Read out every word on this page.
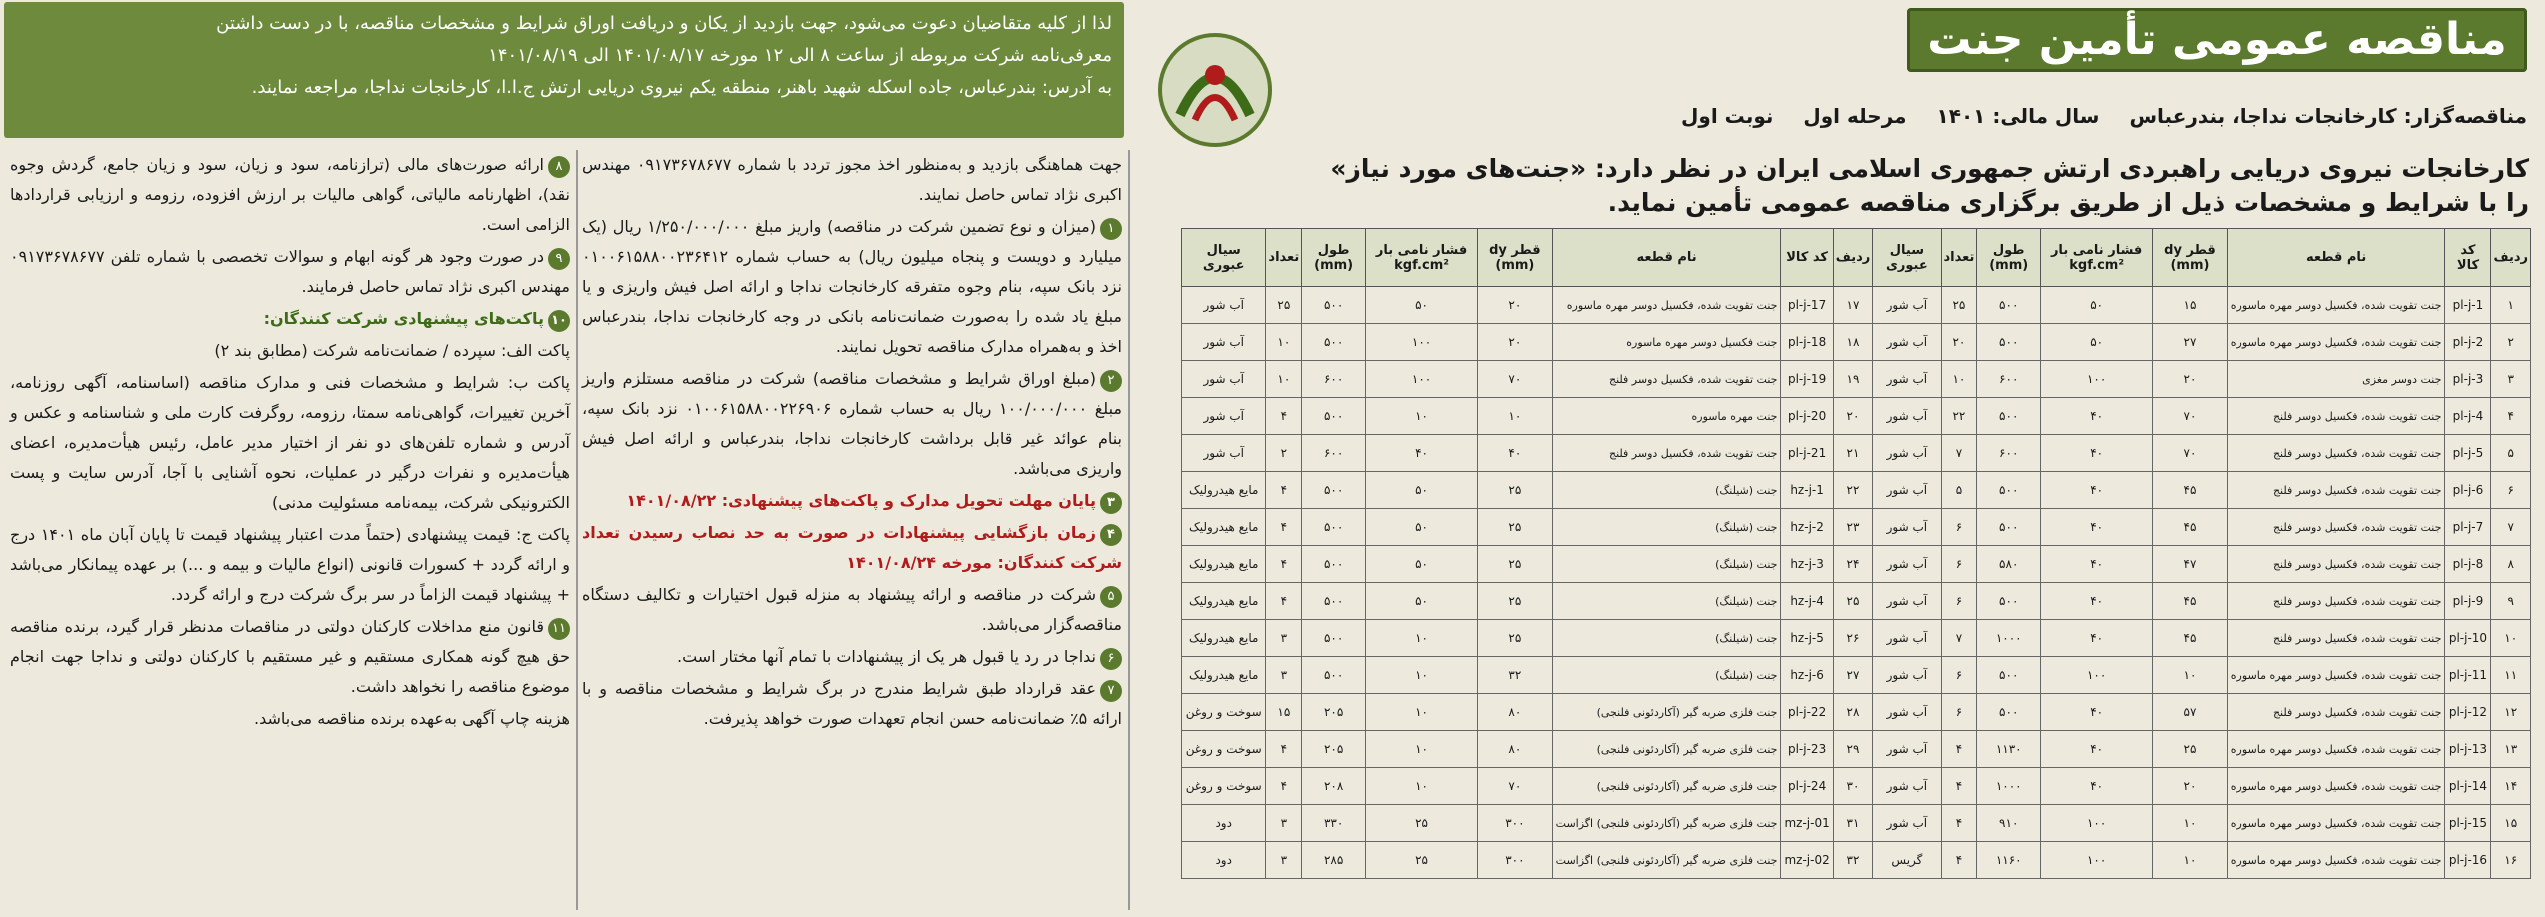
مناقصه عمومی تأمین جنت
مناقصه‌گزار: کارخانجات نداجا، بندرعباس
سال مالی: ۱۴۰۱
مرحله اول
نوبت اول
لذا از کلیه متقاضیان دعوت می‌شود، جهت بازدید از یکان و دریافت اوراق شرایط و مشخصات مناقصه، با در دست داشتن
معرفی‌نامه شرکت مربوطه از ساعت ۸ الی ۱۲ مورخه ۱۴۰۱/۰۸/۱۷ الی ۱۴۰۱/۰۸/۱۹
به آدرس: بندرعباس، جاده اسکله شهید باهنر، منطقه یکم نیروی دریایی ارتش ج.ا.ا، کارخانجات نداجا، مراجعه نمایند.
کارخانجات نیروی دریایی راهبردی ارتش جمهوری اسلامی ایران در نظر دارد: «جنت‌های مورد نیاز»
را با شرایط و مشخصات ذیل از طریق برگزاری مناقصه عمومی تأمین نماید.
ردیف	کد کالا	نام قطعه	قطر dy (mm)	فشار نامی بار kgf.cm²	طول (mm)	تعداد	سیال عبوری	ردیف	کد کالا	نام قطعه	قطر dy (mm)	فشار نامی بار kgf.cm²	طول (mm)	تعداد	سیال عبوری
۱	pl-j-1	جنت تقویت شده، فکسیل دوسر مهره ماسوره	۱۵	۵۰	۵۰۰	۲۵	آب شور	۱۷	pl-j-17	جنت تقویت شده، فکسیل دوسر مهره ماسوره	۲۰	۵۰	۵۰۰	۲۵	آب شور
۲	pl-j-2	جنت تقویت شده، فکسیل دوسر مهره ماسوره	۲۷	۵۰	۵۰۰	۲۰	آب شور	۱۸	pl-j-18	جنت فکسیل دوسر مهره ماسوره	۲۰	۱۰۰	۵۰۰	۱۰	آب شور
۳	pl-j-3	جنت دوسر مغزی	۲۰	۱۰۰	۶۰۰	۱۰	آب شور	۱۹	pl-j-19	جنت تقویت شده، فکسیل دوسر فلنج	۷۰	۱۰۰	۶۰۰	۱۰	آب شور
۴	pl-j-4	جنت تقویت شده، فکسیل دوسر فلنج	۷۰	۴۰	۵۰۰	۲۲	آب شور	۲۰	pl-j-20	جنت مهره ماسوره	۱۰	۱۰	۵۰۰	۴	آب شور
۵	pl-j-5	جنت تقویت شده، فکسیل دوسر فلنج	۷۰	۴۰	۶۰۰	۷	آب شور	۲۱	pl-j-21	جنت تقویت شده، فکسیل دوسر فلنج	۴۰	۴۰	۶۰۰	۲	آب شور
۶	pl-j-6	جنت تقویت شده، فکسیل دوسر فلنج	۴۵	۴۰	۵۰۰	۵	آب شور	۲۲	hz-j-1	جنت (شیلنگ)	۲۵	۵۰	۵۰۰	۴	مایع هیدرولیک
۷	pl-j-7	جنت تقویت شده، فکسیل دوسر فلنج	۴۵	۴۰	۵۰۰	۶	آب شور	۲۳	hz-j-2	جنت (شیلنگ)	۲۵	۵۰	۵۰۰	۴	مایع هیدرولیک
۸	pl-j-8	جنت تقویت شده، فکسیل دوسر فلنج	۴۷	۴۰	۵۸۰	۶	آب شور	۲۴	hz-j-3	جنت (شیلنگ)	۲۵	۵۰	۵۰۰	۴	مایع هیدرولیک
۹	pl-j-9	جنت تقویت شده، فکسیل دوسر فلنج	۴۵	۴۰	۵۰۰	۶	آب شور	۲۵	hz-j-4	جنت (شیلنگ)	۲۵	۵۰	۵۰۰	۴	مایع هیدرولیک
۱۰	pl-j-10	جنت تقویت شده، فکسیل دوسر فلنج	۴۵	۴۰	۱۰۰۰	۷	آب شور	۲۶	hz-j-5	جنت (شیلنگ)	۲۵	۱۰	۵۰۰	۳	مایع هیدرولیک
۱۱	pl-j-11	جنت تقویت شده، فکسیل دوسر مهره ماسوره	۱۰	۱۰۰	۵۰۰	۶	آب شور	۲۷	hz-j-6	جنت (شیلنگ)	۳۲	۱۰	۵۰۰	۳	مایع هیدرولیک
۱۲	pl-j-12	جنت تقویت شده، فکسیل دوسر فلنج	۵۷	۴۰	۵۰۰	۶	آب شور	۲۸	pl-j-22	جنت فلزی ضربه گیر (آکاردئونی فلنجی)	۸۰	۱۰	۲۰۵	۱۵	سوخت و روغن
۱۳	pl-j-13	جنت تقویت شده، فکسیل دوسر مهره ماسوره	۲۵	۴۰	۱۱۳۰	۴	آب شور	۲۹	pl-j-23	جنت فلزی ضربه گیر (آکاردئونی فلنجی)	۸۰	۱۰	۲۰۵	۴	سوخت و روغن
۱۴	pl-j-14	جنت تقویت شده، فکسیل دوسر مهره ماسوره	۲۰	۴۰	۱۰۰۰	۴	آب شور	۳۰	pl-j-24	جنت فلزی ضربه گیر (آکاردئونی فلنجی)	۷۰	۱۰	۲۰۸	۴	سوخت و روغن
۱۵	pl-j-15	جنت تقویت شده، فکسیل دوسر مهره ماسوره	۱۰	۱۰۰	۹۱۰	۴	آب شور	۳۱	mz-j-01	جنت فلزی ضربه گیر (آکاردئونی فلنجی) اگزاست	۳۰۰	۲۵	۳۳۰	۳	دود
۱۶	pl-j-16	جنت تقویت شده، فکسیل دوسر مهره ماسوره	۱۰	۱۰۰	۱۱۶۰	۴	گریس	۳۲	mz-j-02	جنت فلزی ضربه گیر (آکاردئونی فلنجی) اگزاست	۳۰۰	۲۵	۲۸۵	۳	دود

جهت هماهنگی بازدید و به‌منظور اخذ مجوز تردد با شماره ۰۹۱۷۳۶۷۸۶۷۷ مهندس اکبری نژاد تماس حاصل نمایند.

۱(میزان و نوع تضمین شرکت در مناقصه) واریز مبلغ ۱/۲۵۰/۰۰۰/۰۰۰ ریال (یک میلیارد و دویست و پنجاه میلیون ریال) به حساب شماره ۰۱۰۰۶۱۵۸۸۰۰۲۳۶۴۱۲ نزد بانک سپه، بنام وجوه متفرقه کارخانجات نداجا و ارائه اصل فیش واریزی و یا مبلغ یاد شده را به‌صورت ضمانت‌نامه بانکی در وجه کارخانجات نداجا، بندرعباس اخذ و به‌همراه مدارک مناقصه تحویل نمایند.

۲(مبلغ اوراق شرایط و مشخصات مناقصه) شرکت در مناقصه مستلزم واریز مبلغ ۱۰۰/۰۰۰/۰۰۰ ریال به حساب شماره ۰۱۰۰۶۱۵۸۸۰۰۲۲۶۹۰۶ نزد بانک سپه، بنام عوائد غیر قابل برداشت کارخانجات نداجا، بندرعباس و ارائه اصل فیش واریزی می‌باشد.

۳پایان مهلت تحویل مدارک و پاکت‌های پیشنهادی: ۱۴۰۱/۰۸/۲۲

۴زمان بازگشایی پیشنهادات در صورت به حد نصاب رسیدن تعداد شرکت کنندگان: مورخه ۱۴۰۱/۰۸/۲۴

۵شرکت در مناقصه و ارائه پیشنهاد به منزله قبول اختیارات و تکالیف دستگاه مناقصه‌گزار می‌باشد.

۶نداجا در رد یا قبول هر یک از پیشنهادات با تمام آنها مختار است.

۷عقد قرارداد طبق شرایط مندرج در برگ شرایط و مشخصات مناقصه و با ارائه ۵٪ ضمانت‌نامه حسن انجام تعهدات صورت خواهد پذیرفت.

۸ارائه صورت‌های مالی (ترازنامه، سود و زیان، سود و زیان جامع، گردش وجوه نقد)، اظهارنامه مالیاتی، گواهی مالیات بر ارزش افزوده، رزومه و ارزیابی قراردادها الزامی است.

۹در صورت وجود هر گونه ابهام و سوالات تخصصی با شماره تلفن ۰۹۱۷۳۶۷۸۶۷۷ مهندس اکبری نژاد تماس حاصل فرمایند.

۱۰پاکت‌های پیشنهادی شرکت کنندگان:

پاکت الف: سپرده / ضمانت‌نامه شرکت (مطابق بند ۲)

پاکت ب: شرایط و مشخصات فنی و مدارک مناقصه (اساسنامه، آگهی روزنامه، آخرین تغییرات، گواهی‌نامه سمتا، رزومه، روگرفت کارت ملی و شناسنامه و عکس و آدرس و شماره تلفن‌های دو نفر از اختیار مدیر عامل، رئیس هیأت‌مدیره، اعضای هیأت‌مدیره و نفرات درگیر در عملیات، نحوه آشنایی با آجا، آدرس سایت و پست الکترونیکی شرکت، بیمه‌نامه مسئولیت مدنی)

پاکت ج: قیمت پیشنهادی (حتماً مدت اعتبار پیشنهاد قیمت تا پایان آبان ماه ۱۴۰۱ درج و ارائه گردد + کسورات قانونی (انواع مالیات و بیمه و ...) بر عهده پیمانکار می‌باشد + پیشنهاد قیمت الزاماً در سر برگ شرکت درج و ارائه گردد.

۱۱قانون منع مداخلات کارکنان دولتی در مناقصات مدنظر قرار گیرد، برنده مناقصه حق هیچ گونه همکاری مستقیم و غیر مستقیم با کارکنان دولتی و نداجا جهت انجام موضوع مناقصه را نخواهد داشت.

هزینه چاپ آگهی به‌عهده برنده مناقصه می‌باشد.
